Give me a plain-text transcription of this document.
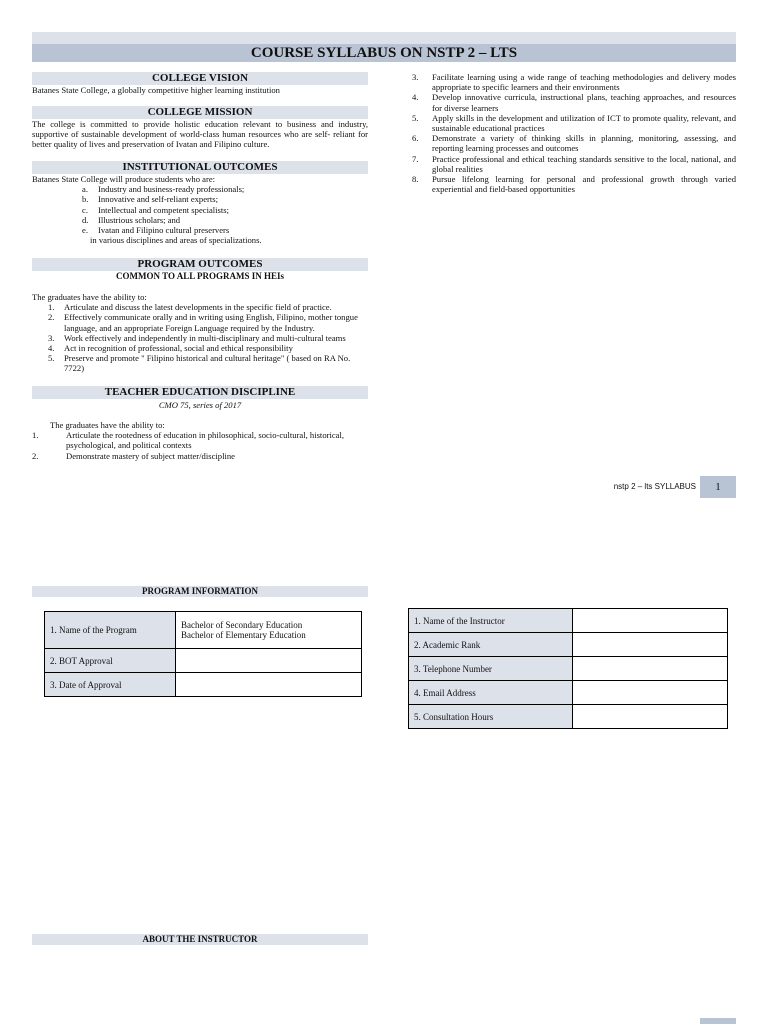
COURSE SYLLABUS ON NSTP 2 – LTS
COLLEGE VISION
Batanes State College, a globally competitive higher learning institution
COLLEGE MISSION
The college is committed to provide holistic education relevant to business and industry, supportive of sustainable development of world-class human resources who are self- reliant for better quality of lives and preservation of Ivatan and Filipino culture.
INSTITUTIONAL OUTCOMES
Batanes State College will produce students who are:
a.	Industry and business-ready professionals;
b.	Innovative and self-reliant experts;
c.	Intellectual and competent specialists;
d.	Illustrious scholars; and
e.	Ivatan and Filipino cultural preservers
in various disciplines and areas of specializations.
PROGRAM OUTCOMES
COMMON TO ALL PROGRAMS IN HEIs
The graduates have the ability to:
1.	Articulate and discuss the latest developments in the specific field of practice.
2.	Effectively communicate orally and in writing using English, Filipino, mother tongue language, and an appropriate Foreign Language required by the Industry.
3.	Work effectively and independently in multi-disciplinary and multi-cultural teams
4.	Act in recognition of professional, social and ethical responsibility
5.	Preserve and promote " Filipino historical and cultural heritage" ( based on RA No. 7722)
TEACHER EDUCATION DISCIPLINE
CMO 75, series of 2017
The graduates have the ability to:
1.	Articulate the rootedness of education in philosophical, socio-cultural, historical, psychological, and political contexts
2.	Demonstrate mastery of subject matter/discipline
3.	Facilitate learning using a wide range of teaching methodologies and delivery modes appropriate to specific learners and their environments
4.	Develop innovative curricula, instructional plans, teaching approaches, and resources for diverse learners
5.	Apply skills in the development and utilization of ICT to promote quality, relevant, and sustainable educational practices
6.	Demonstrate a variety of thinking skills in planning, monitoring, assessing, and reporting learning processes and outcomes
7.	Practice professional and ethical teaching standards sensitive to the local, national, and global realities
8.	Pursue lifelong learning for personal and professional growth through varied experiential and field-based opportunities
nstp 2 – lts SYLLABUS	1
PROGRAM INFORMATION
1. Name of the Program	Bachelor of Secondary Education
Bachelor of Elementary Education

2. BOT Approval	
3. Date of Approval	
1. Name of the Instructor	
2. Academic Rank	
3. Telephone Number	
4. Email Address	
5. Consultation Hours	
ABOUT THE INSTRUCTOR
